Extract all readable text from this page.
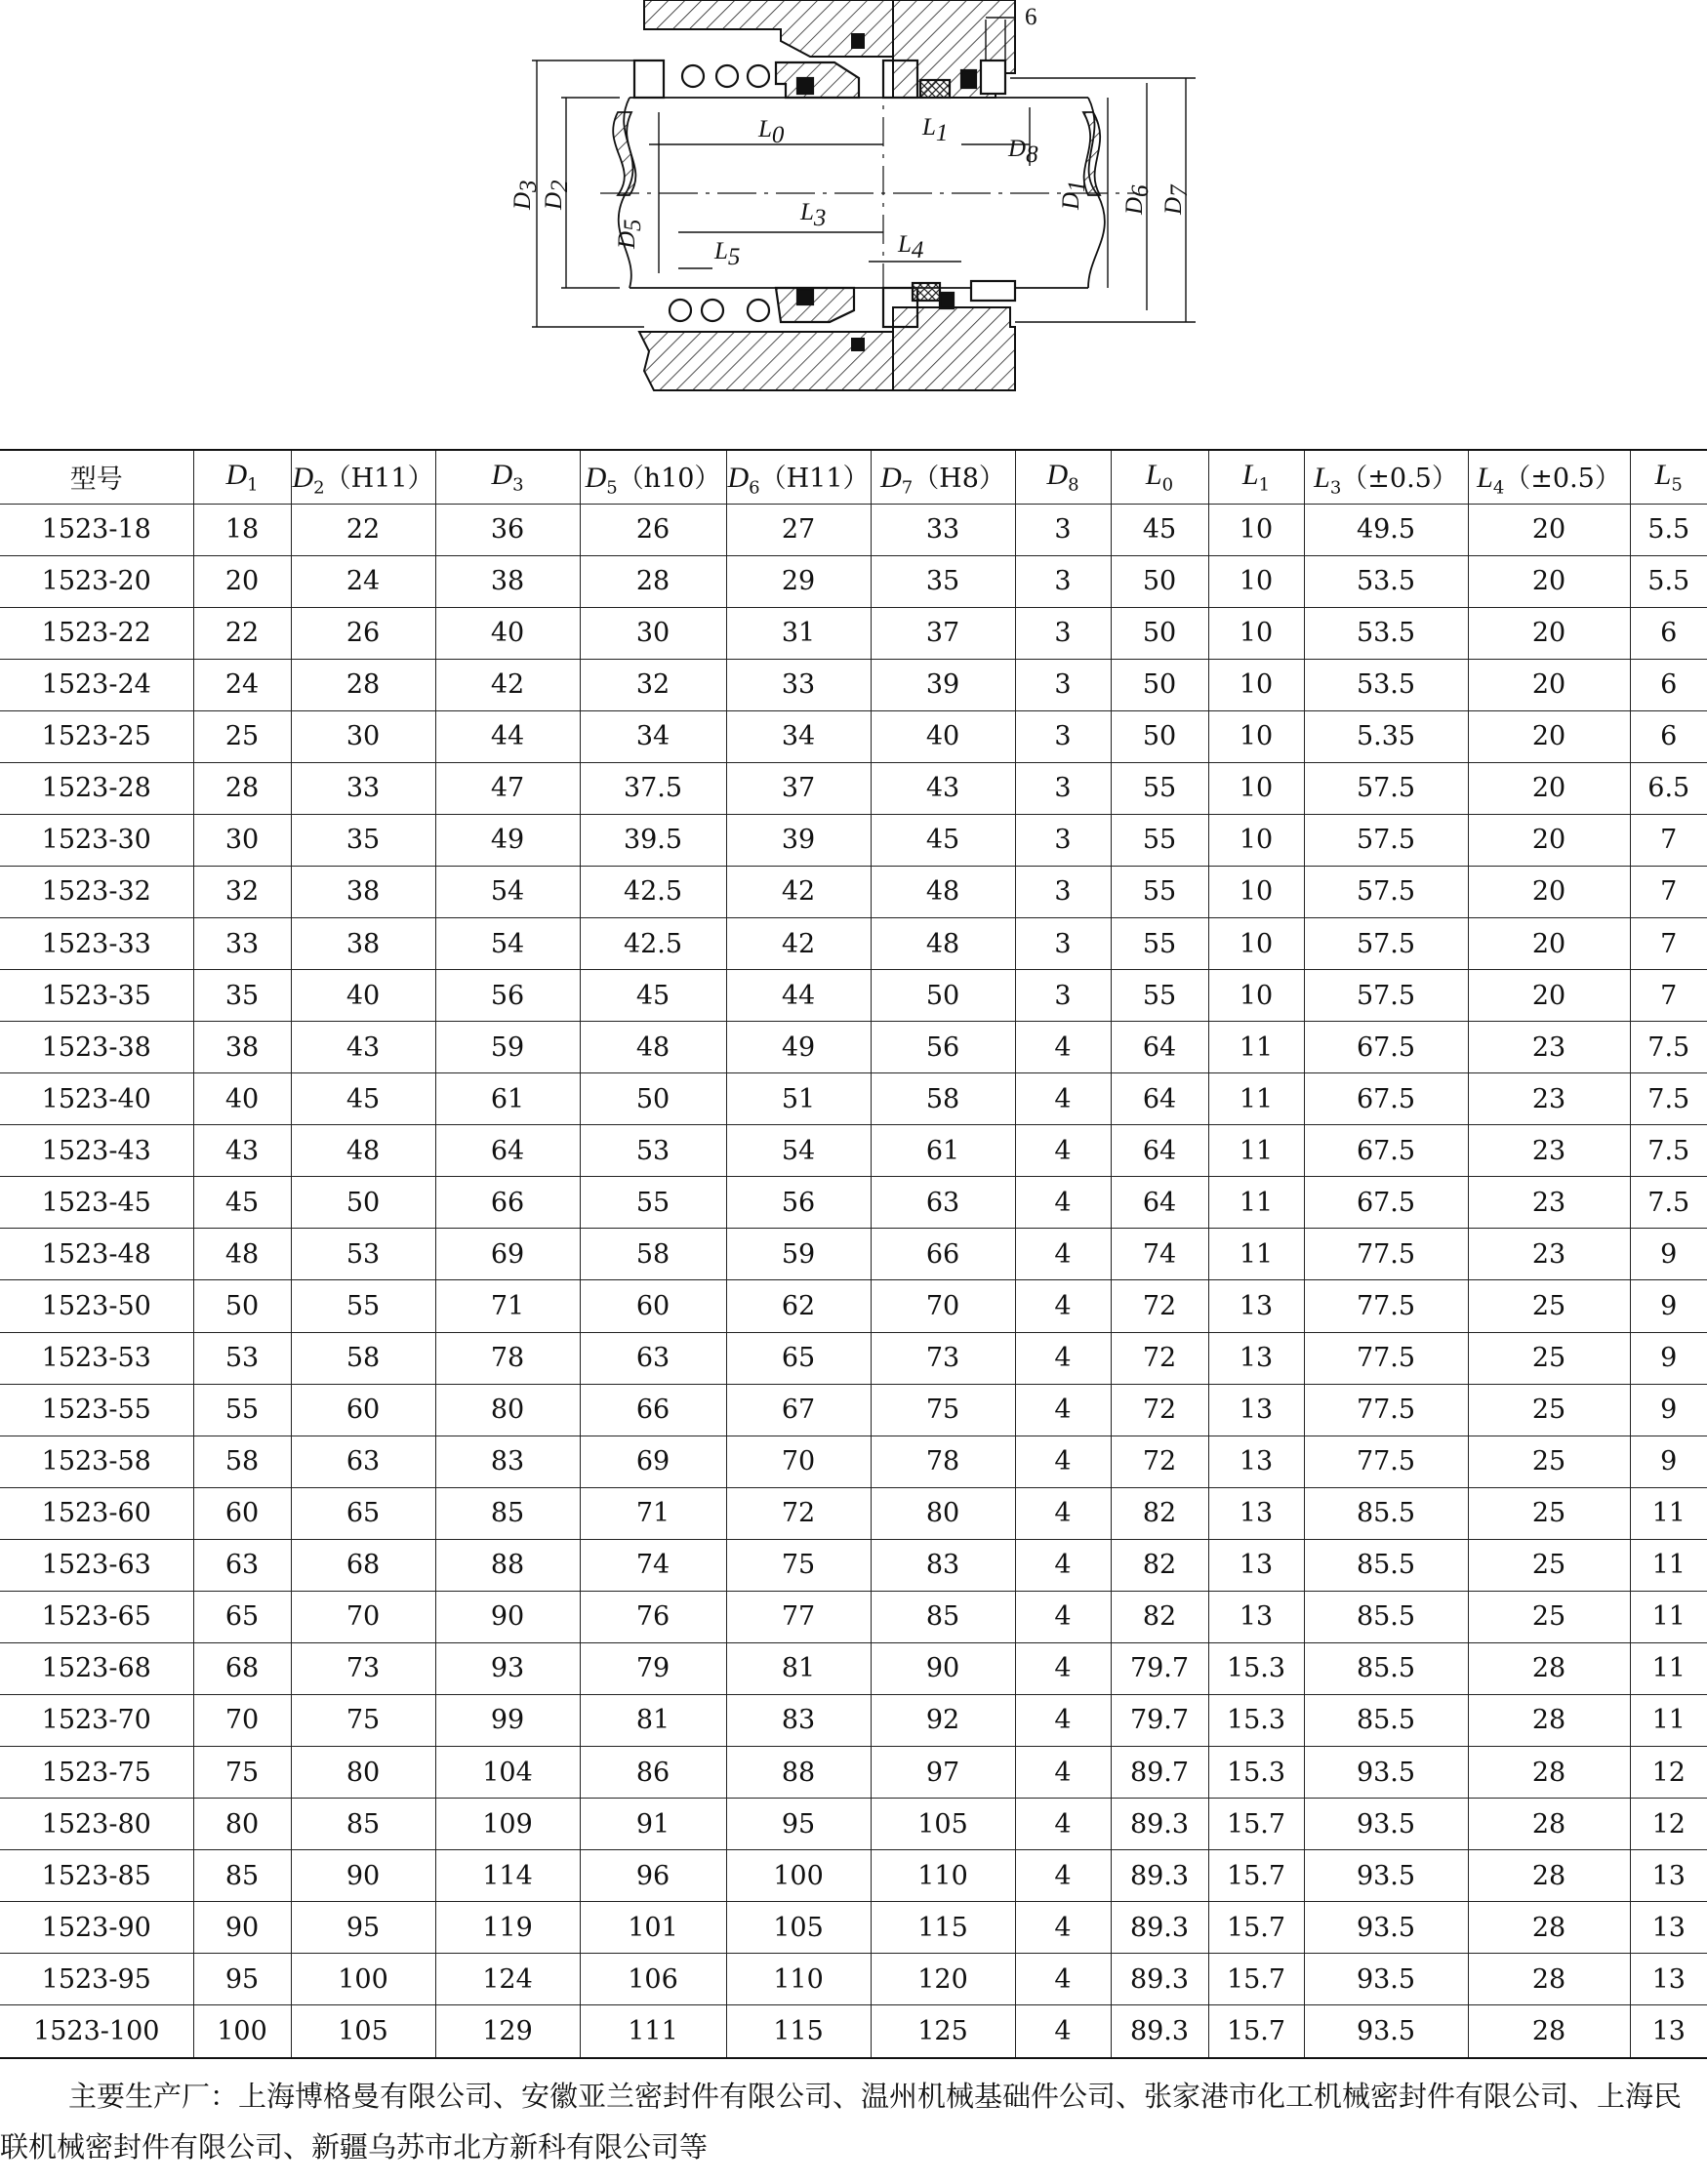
D3
D2
D5
D1
D6
D7
D8
L0	L1
L3
L4
L5
6
型号	$D_1$	$D_2(H11)$	$D_3$	$D_5(h10)$	$D_6(H11)$	$D_7(H8)$	$D_8$	$L_0$	$L_1$	$L_3(\pm 0.5)$	$L_4(\pm 0.5)$	$L_5$
1523-18	18	22	36	26	27	33	3	45	10	49.5	20	5.5
1523-20	20	24	38	28	29	35	3	50	10	53.5	20	5.5
1523-22	22	26	40	30	31	37	3	50	10	53.5	20	6
1523-24	24	28	42	32	33	39	3	50	10	53.5	20	6
1523-25	25	30	44	34	34	40	3	50	10	5.35	20	6
1523-28	28	33	47	37.5	37	43	3	55	10	57.5	20	6.5
1523-30	30	35	49	39.5	39	45	3	55	10	57.5	20	7
1523-32	32	38	54	42.5	42	48	3	55	10	57.5	20	7
1523-33	33	38	54	42.5	42	48	3	55	10	57.5	20	7
1523-35	35	40	56	45	44	50	3	55	10	57.5	20	7
1523-38	38	43	59	48	49	56	4	64	11	67.5	23	7.5
1523-40	40	45	61	50	51	58	4	64	11	67.5	23	7.5
1523-43	43	48	64	53	54	61	4	64	11	67.5	23	7.5
1523-45	45	50	66	55	56	63	4	64	11	67.5	23	7.5
1523-48	48	53	69	58	59	66	4	74	11	77.5	23	9
1523-50	50	55	71	60	62	70	4	72	13	77.5	25	9
1523-53	53	58	78	63	65	73	4	72	13	77.5	25	9
1523-55	55	60	80	66	67	75	4	72	13	77.5	25	9
1523-58	58	63	83	69	70	78	4	72	13	77.5	25	9
1523-60	60	65	85	71	72	80	4	82	13	85.5	25	11
1523-63	63	68	88	74	75	83	4	82	13	85.5	25	11
1523-65	65	70	90	76	77	85	4	82	13	85.5	25	11
1523-68	68	73	93	79	81	90	4	79.7	15.3	85.5	28	11
1523-70	70	75	99	81	83	92	4	79.7	15.3	85.5	28	11
1523-75	75	80	104	86	88	97	4	89.7	15.3	93.5	28	12
1523-80	80	85	109	91	95	105	4	89.3	15.7	93.5	28	12
1523-85	85	90	114	96	100	110	4	89.3	15.7	93.5	28	13
1523-90	90	95	119	101	105	115	4	89.3	15.7	93.5	28	13
1523-95	95	100	124	106	110	120	4	89.3	15.7	93.5	28	13
1523-100	100	105	129	111	115	125	4	89.3	15.7	93.5	28	13
主要生产厂：上海博格曼有限公司、安徽亚兰密封件有限公司、温州机械基础件公司、张家港市化工机械密封件有限公司、上海民联机械密封件有限公司、新疆乌苏市北方新科有限公司等
